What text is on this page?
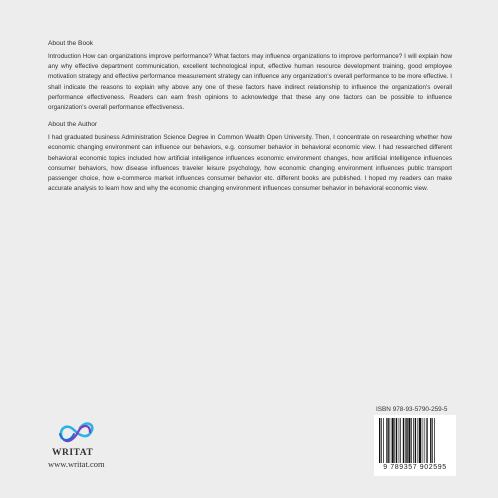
About the Book

Introduction How can organizations improve performance? What factors may influence organizations to improve performance? I will explain how any why effective department communication, excellent technological input, effective human resource development training, good employee motivation strategy and effective performance measurement strategy can influence any organization's overall performance to be more effective. I shall indicate the reasons to explain why above any one of these factors have indirect relationship to influence the organization's overall performance effectiveness. Readers can earn fresh opinions to acknowledge that these any one factors can be possible to influence organization's overall performance effectiveness.

About the Author

I had graduated business Administration Science Degree in Common Wealth Open University. Then, I concentrate on researching whether how economic changing environment can influence our behaviors, e.g. consumer behavior in behavioral economic view. I had researched different behavioral economic topics included how artificial intelligence influences economic environment changes, how artificial intelligence influences consumer behaviors, how disease influences traveler leisure psychology, how economic changing environment influences public transport passenger choice, how e-commerce market influences consumer behavior etc. different books are published. I hoped my readers can make accurate analysis to learn how and why the economic changing environment influences consumer behavior in behavioral economic view.

WRITAT
www.writat.com
ISBN 978-93-5790-259-5
9 789357 902595
